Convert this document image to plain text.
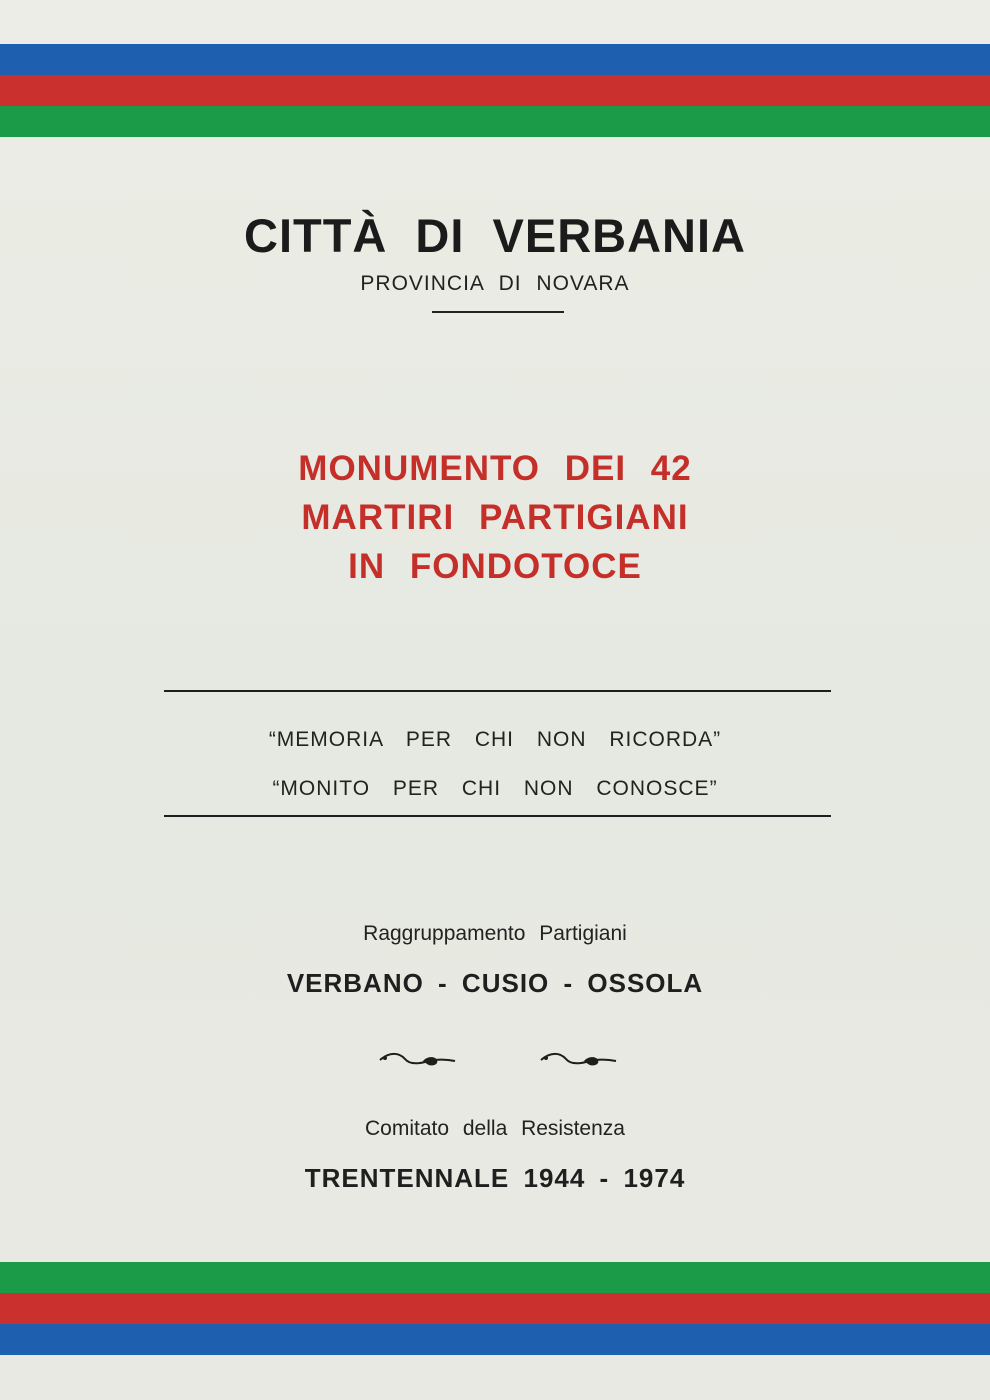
CITTÀ DI VERBANIA
PROVINCIA DI NOVARA
MONUMENTO DEI 42
MARTIRI PARTIGIANI
IN FONDOTOCE
“MEMORIA PER CHI NON RICORDA”
“MONITO PER CHI NON CONOSCE”
Raggruppamento Partigiani
VERBANO - CUSIO - OSSOLA
Comitato della Resistenza
TRENTENNALE 1944 - 1974
